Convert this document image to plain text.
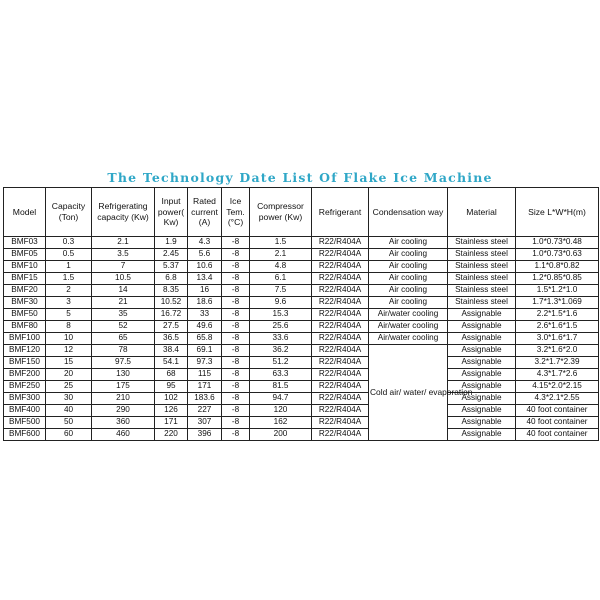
The Technology Date List Of Flake Ice Machine
Model	Capacity (Ton)	Refrigerating capacity (Kw)	Input power( Kw)	Rated current (A)	Ice Tem. (°C)	Compressor power (Kw)	Refrigerant	Condensation way	Material	Size L*W*H(m)
BMF03	0.3	2.1	1.9	4.3	-8	1.5	R22/R404A	Air cooling	Stainless steel	1.0*0.73*0.48
BMF05	0.5	3.5	2.45	5.6	-8	2.1	R22/R404A	Air cooling	Stainless steel	1.0*0.73*0.63
BMF10	1	7	5.37	10.6	-8	4.8	R22/R404A	Air cooling	Stainless steel	1.1*0.8*0.82
BMF15	1.5	10.5	6.8	13.4	-8	6.1	R22/R404A	Air cooling	Stainless steel	1.2*0.85*0.85
BMF20	2	14	8.35	16	-8	7.5	R22/R404A	Air cooling	Stainless steel	1.5*1.2*1.0
BMF30	3	21	10.52	18.6	-8	9.6	R22/R404A	Air cooling	Stainless steel	1.7*1.3*1.069
BMF50	5	35	16.72	33	-8	15.3	R22/R404A	Air/water cooling	Assignable	2.2*1.5*1.6
BMF80	8	52	27.5	49.6	-8	25.6	R22/R404A	Air/water cooling	Assignable	2.6*1.6*1.5
BMF100	10	65	36.5	65.8	-8	33.6	R22/R404A	Air/water cooling	Assignable	3.0*1.6*1.7
BMF120	12	78	38.4	69.1	-8	36.2	R22/R404A	Cold air/ water/ evaporation	Assignable	3.2*1.6*2.0
BMF150	15	97.5	54.1	97.3	-8	51.2	R22/R404A		Assignable	3.2*1.7*2.39
BMF200	20	130	68	115	-8	63.3	R22/R404A		Assignable	4.3*1.7*2.6
BMF250	25	175	95	171	-8	81.5	R22/R404A		Assignable	4.15*2.0*2.15
BMF300	30	210	102	183.6	-8	94.7	R22/R404A		Assignable	4.3*2.1*2.55
BMF400	40	290	126	227	-8	120	R22/R404A		Assignable	40 foot container
BMF500	50	360	171	307	-8	162	R22/R404A		Assignable	40 foot container
BMF600	60	460	220	396	-8	200	R22/R404A		Assignable	40 foot container
